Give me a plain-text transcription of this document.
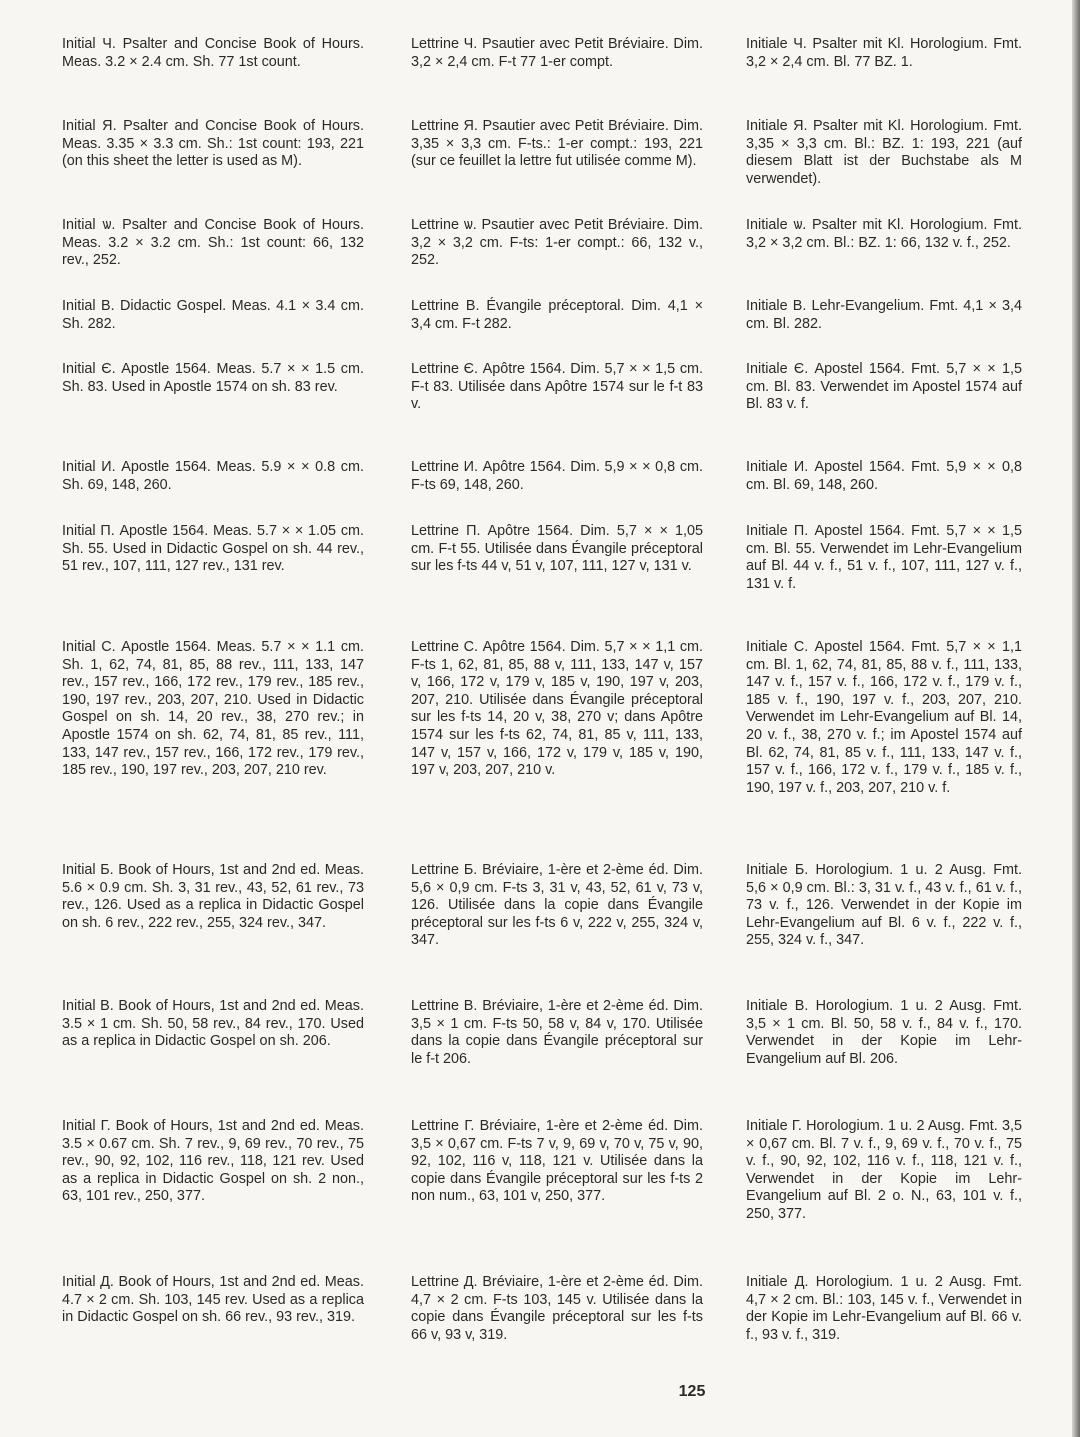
Initial Ч. Psalter and Concise Book of Hours. Meas. 3.2 × 2.4 cm. Sh. 77 1st count.
Initial Я. Psalter and Concise Book of Hours. Meas. 3.35 × 3.3 cm. Sh.: 1st count: 193, 221 (on this sheet the letter is used as M).
Initial ѡ. Psalter and Concise Book of Hours. Meas. 3.2 × 3.2 cm. Sh.: 1st count: 66, 132 rev., 252.
Initial В. Didactic Gospel. Meas. 4.1 × 3.4 cm. Sh. 282.
Initial Є. Apostle 1564. Meas. 5.7 × × 1.5 cm. Sh. 83. Used in Apostle 1574 on sh. 83 rev.
Initial И. Apostle 1564. Meas. 5.9 × × 0.8 cm. Sh. 69, 148, 260.
Initial П. Apostle 1564. Meas. 5.7 × × 1.05 cm. Sh. 55. Used in Didactic Gospel on sh. 44 rev., 51 rev., 107, 111, 127 rev., 131 rev.
Initial С. Apostle 1564. Meas. 5.7 × × 1.1 cm. Sh. 1, 62, 74, 81, 85, 88 rev., 111, 133, 147 rev., 157 rev., 166, 172 rev., 179 rev., 185 rev., 190, 197 rev., 203, 207, 210. Used in Didactic Gospel on sh. 14, 20 rev., 38, 270 rev.; in Apostle 1574 on sh. 62, 74, 81, 85 rev., 111, 133, 147 rev., 157 rev., 166, 172 rev., 179 rev., 185 rev., 190, 197 rev., 203, 207, 210 rev.
Initial Б. Book of Hours, 1st and 2nd ed. Meas. 5.6 × 0.9 cm. Sh. 3, 31 rev., 43, 52, 61 rev., 73 rev., 126. Used as a replica in Didactic Gospel on sh. 6 rev., 222 rev., 255, 324 rev., 347.
Initial В. Book of Hours, 1st and 2nd ed. Meas. 3.5 × 1 cm. Sh. 50, 58 rev., 84 rev., 170. Used as a replica in Didactic Gospel on sh. 206.
Initial Г. Book of Hours, 1st and 2nd ed. Meas. 3.5 × 0.67 cm. Sh. 7 rev., 9, 69 rev., 70 rev., 75 rev., 90, 92, 102, 116 rev., 118, 121 rev. Used as a replica in Didactic Gospel on sh. 2 non., 63, 101 rev., 250, 377.
Initial Д. Book of Hours, 1st and 2nd ed. Meas. 4.7 × 2 cm. Sh. 103, 145 rev. Used as a replica in Didactic Gospel on sh. 66 rev., 93 rev., 319.
Lettrine Ч. Psautier avec Petit Bréviaire. Dim. 3,2 × 2,4 cm. F-t 77 1-er compt.
Lettrine Я. Psautier avec Petit Bréviaire. Dim. 3,35 × 3,3 cm. F-ts.: 1-er compt.: 193, 221 (sur ce feuillet la lettre fut utilisée comme M).
Lettrine ѡ. Psautier avec Petit Bréviaire. Dim. 3,2 × 3,2 cm. F-ts: 1-er compt.: 66, 132 v., 252.
Lettrine В. Évangile préceptoral. Dim. 4,1 × 3,4 cm. F-t 282.
Lettrine Є. Apôtre 1564. Dim. 5,7 × × 1,5 cm. F-t 83. Utilisée dans Apôtre 1574 sur le f-t 83 v.
Lettrine И. Apôtre 1564. Dim. 5,9 × × 0,8 cm. F-ts 69, 148, 260.
Lettrine П. Apôtre 1564. Dim. 5,7 × × 1,05 cm. F-t 55. Utilisée dans Évangile préceptoral sur les f-ts 44 v, 51 v, 107, 111, 127 v, 131 v.
Lettrine С. Apôtre 1564. Dim. 5,7 × × 1,1 cm. F-ts 1, 62, 81, 85, 88 v, 111, 133, 147 v, 157 v, 166, 172 v, 179 v, 185 v, 190, 197 v, 203, 207, 210. Utilisée dans Évangile préceptoral sur les f-ts 14, 20 v, 38, 270 v; dans Apôtre 1574 sur les f-ts 62, 74, 81, 85 v, 111, 133, 147 v, 157 v, 166, 172 v, 179 v, 185 v, 190, 197 v, 203, 207, 210 v.
Lettrine Б. Bréviaire, 1-ère et 2-ème éd. Dim. 5,6 × 0,9 cm. F-ts 3, 31 v, 43, 52, 61 v, 73 v, 126. Utilisée dans la copie dans Évangile préceptoral sur les f-ts 6 v, 222 v, 255, 324 v, 347.
Lettrine В. Bréviaire, 1-ère et 2-ème éd. Dim. 3,5 × 1 cm. F-ts 50, 58 v, 84 v, 170. Utilisée dans la copie dans Évangile préceptoral sur le f-t 206.
Lettrine Г. Bréviaire, 1-ère et 2-ème éd. Dim. 3,5 × 0,67 cm. F-ts 7 v, 9, 69 v, 70 v, 75 v, 90, 92, 102, 116 v, 118, 121 v. Utilisée dans la copie dans Évangile préceptoral sur les f-ts 2 non num., 63, 101 v, 250, 377.
Lettrine Д. Bréviaire, 1-ère et 2-ème éd. Dim. 4,7 × 2 cm. F-ts 103, 145 v. Utilisée dans la copie dans Évangile préceptoral sur les f-ts 66 v, 93 v, 319.
Initiale Ч. Psalter mit Kl. Horologium. Fmt. 3,2 × 2,4 cm. Bl. 77 BZ. 1.
Initiale Я. Psalter mit Kl. Horologium. Fmt. 3,35 × 3,3 cm. Bl.: BZ. 1: 193, 221 (auf diesem Blatt ist der Buchstabe als M verwendet).
Initiale ѡ. Psalter mit Kl. Horologium. Fmt. 3,2 × 3,2 cm. Bl.: BZ. 1: 66, 132 v. f., 252.
Initiale В. Lehr-Evangelium. Fmt. 4,1 × 3,4 cm. Bl. 282.
Initiale Є. Apostel 1564. Fmt. 5,7 × × 1,5 cm. Bl. 83. Verwendet im Apostel 1574 auf Bl. 83 v. f.
Initiale И. Apostel 1564. Fmt. 5,9 × × 0,8 cm. Bl. 69, 148, 260.
Initiale П. Apostel 1564. Fmt. 5,7 × × 1,5 cm. Bl. 55. Verwendet im Lehr-Evangelium auf Bl. 44 v. f., 51 v. f., 107, 111, 127 v. f., 131 v. f.
Initiale С. Apostel 1564. Fmt. 5,7 × × 1,1 cm. Bl. 1, 62, 74, 81, 85, 88 v. f., 111, 133, 147 v. f., 157 v. f., 166, 172 v. f., 179 v. f., 185 v. f., 190, 197 v. f., 203, 207, 210. Verwendet im Lehr-Evangelium auf Bl. 14, 20 v. f., 38, 270 v. f.; im Apostel 1574 auf Bl. 62, 74, 81, 85 v. f., 111, 133, 147 v. f., 157 v. f., 166, 172 v. f., 179 v. f., 185 v. f., 190, 197 v. f., 203, 207, 210 v. f.
Initiale Б. Horologium. 1 u. 2 Ausg. Fmt. 5,6 × 0,9 cm. Bl.: 3, 31 v. f., 43 v. f., 61 v. f., 73 v. f., 126. Verwendet in der Kopie im Lehr-Evangelium auf Bl. 6 v. f., 222 v. f., 255, 324 v. f., 347.
Initiale В. Horologium. 1 u. 2 Ausg. Fmt. 3,5 × 1 cm. Bl. 50, 58 v. f., 84 v. f., 170. Verwendet in der Kopie im Lehr-Evangelium auf Bl. 206.
Initiale Г. Horologium. 1 u. 2 Ausg. Fmt. 3,5 × 0,67 cm. Bl. 7 v. f., 9, 69 v. f., 70 v. f., 75 v. f., 90, 92, 102, 116 v. f., 118, 121 v. f., Verwendet in der Kopie im Lehr-Evangelium auf Bl. 2 o. N., 63, 101 v. f., 250, 377.
Initiale Д. Horologium. 1 u. 2 Ausg. Fmt. 4,7 × 2 cm. Bl.: 103, 145 v. f., Verwendet in der Kopie im Lehr-Evangelium auf Bl. 66 v. f., 93 v. f., 319.
125
